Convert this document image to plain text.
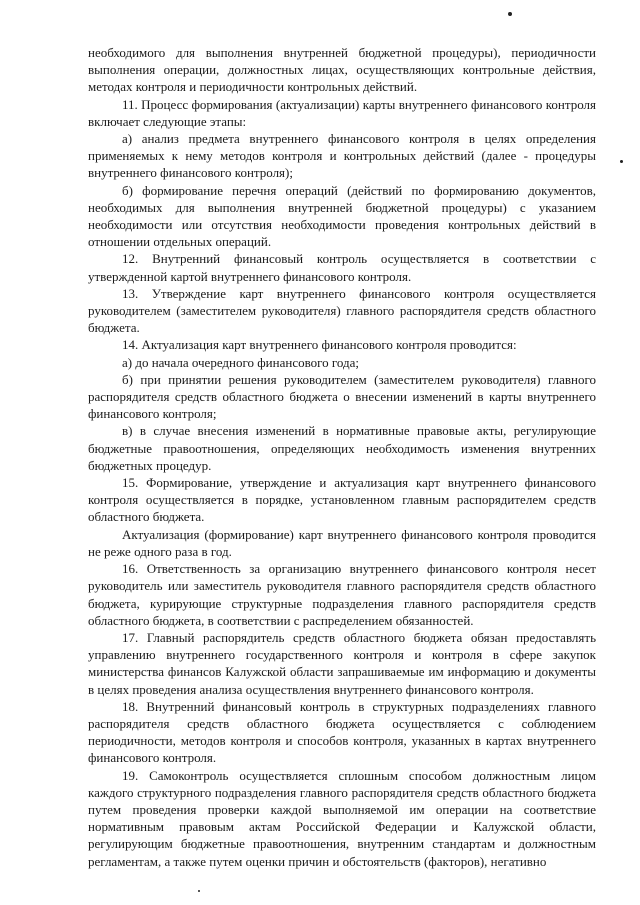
необходимого для выполнения внутренней бюджетной процедуры), периодичности выполнения операции, должностных лицах, осуществляющих контрольные действия, методах контроля и периодичности контрольных действий.

11. Процесс формирования (актуализации) карты внутреннего финансового контроля включает следующие этапы:

а) анализ предмета внутреннего финансового контроля в целях определения применяемых к нему методов контроля и контрольных действий (далее - процедуры внутреннего финансового контроля);

б) формирование перечня операций (действий по формированию документов, необходимых для выполнения внутренней бюджетной процедуры) с указанием необходимости или отсутствия необходимости проведения контрольных действий в отношении отдельных операций.

12. Внутренний финансовый контроль осуществляется в соответствии с утвержденной картой внутреннего финансового контроля.

13. Утверждение карт внутреннего финансового контроля осуществляется руководителем (заместителем руководителя) главного распорядителя средств областного бюджета.

14. Актуализация карт внутреннего финансового контроля проводится:

а) до начала очередного финансового года;

б) при принятии решения руководителем (заместителем руководителя) главного распорядителя средств областного бюджета о внесении изменений в карты внутреннего финансового контроля;

в) в случае внесения изменений в нормативные правовые акты, регулирующие бюджетные правоотношения, определяющих необходимость изменения внутренних бюджетных процедур.

15. Формирование, утверждение и актуализация карт внутреннего финансового контроля осуществляется в порядке, установленном главным распорядителем средств областного бюджета.

Актуализация (формирование) карт внутреннего финансового контроля проводится не реже одного раза в год.

16. Ответственность за организацию внутреннего финансового контроля несет руководитель или заместитель руководителя главного распорядителя средств областного бюджета, курирующие структурные подразделения главного распорядителя средств областного бюджета, в соответствии с распределением обязанностей.

17. Главный распорядитель средств областного бюджета обязан предоставлять управлению внутреннего государственного контроля и контроля в сфере закупок министерства финансов Калужской области запрашиваемые им информацию и документы в целях проведения анализа осуществления внутреннего финансового контроля.

18. Внутренний финансовый контроль в структурных подразделениях главного распорядителя средств областного бюджета осуществляется с соблюдением периодичности, методов контроля и способов контроля, указанных в картах внутреннего финансового контроля.

19. Самоконтроль осуществляется сплошным способом должностным лицом каждого структурного подразделения главного распорядителя средств областного бюджета путем проведения проверки каждой выполняемой им операции на соответствие нормативным правовым актам Российской Федерации и Калужской области, регулирующим бюджетные правоотношения, внутренним стандартам и должностным регламентам, а также путем оценки причин и обстоятельств (факторов), негативно
